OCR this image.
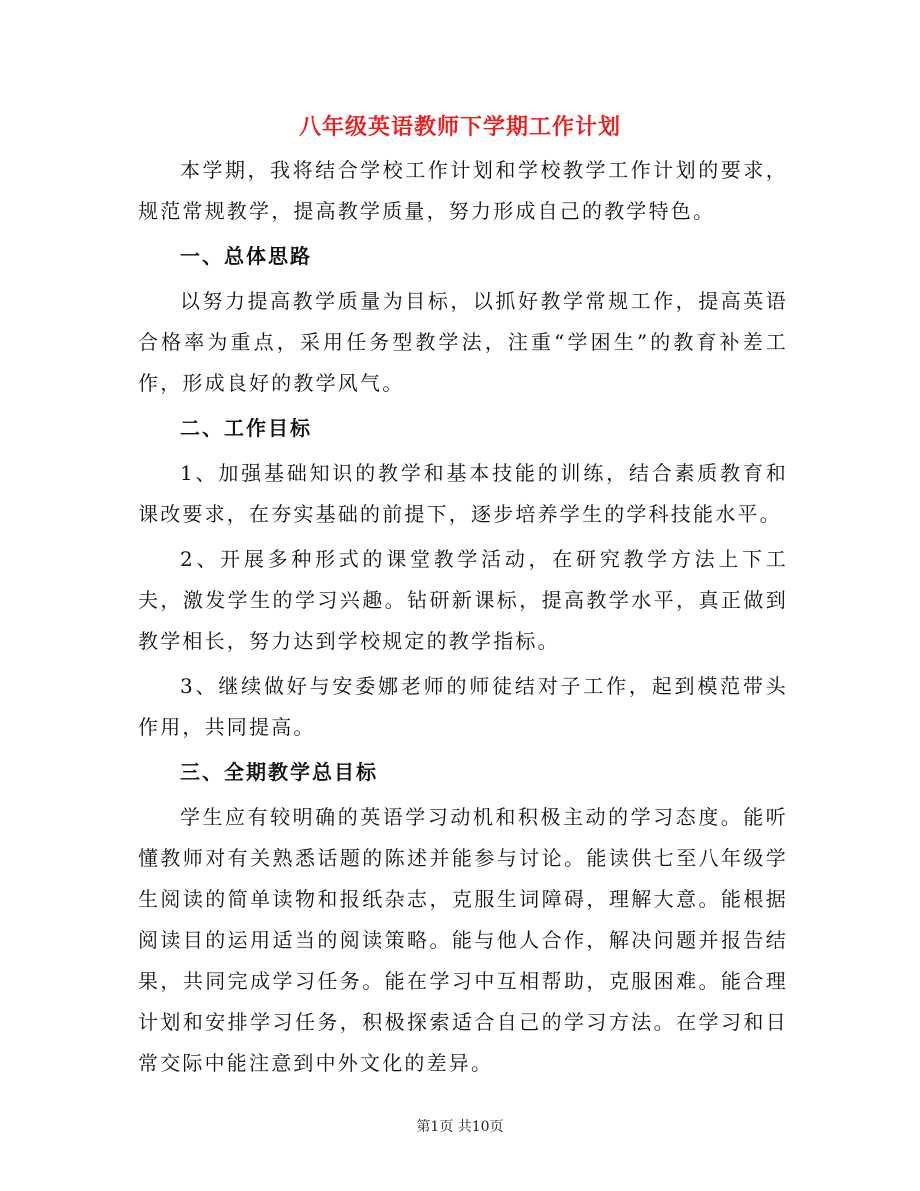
八年级英语教师下学期工作计划

本学期，我将结合学校工作计划和学校教学工作计划的要求，规范常规教学，提高教学质量，努力形成自己的教学特色。

一、总体思路

以努力提高教学质量为目标，以抓好教学常规工作，提高英语合格率为重点，采用任务型教学法，注重“学困生”的教育补差工作，形成良好的教学风气。

二、工作目标

1、加强基础知识的教学和基本技能的训练，结合素质教育和课改要求，在夯实基础的前提下，逐步培养学生的学科技能水平。

2、开展多种形式的课堂教学活动，在研究教学方法上下工夫，激发学生的学习兴趣。钻研新课标，提高教学水平，真正做到教学相长，努力达到学校规定的教学指标。

3、继续做好与安委娜老师的师徒结对子工作，起到模范带头作用，共同提高。

三、全期教学总目标

学生应有较明确的英语学习动机和积极主动的学习态度。能听懂教师对有关熟悉话题的陈述并能参与讨论。能读供七至八年级学生阅读的简单读物和报纸杂志，克服生词障碍，理解大意。能根据阅读目的运用适当的阅读策略。能与他人合作，解决问题并报告结果，共同完成学习任务。能在学习中互相帮助，克服困难。能合理计划和安排学习任务，积极探索适合自己的学习方法。在学习和日常交际中能注意到中外文化的差异。

第1页 共10页
